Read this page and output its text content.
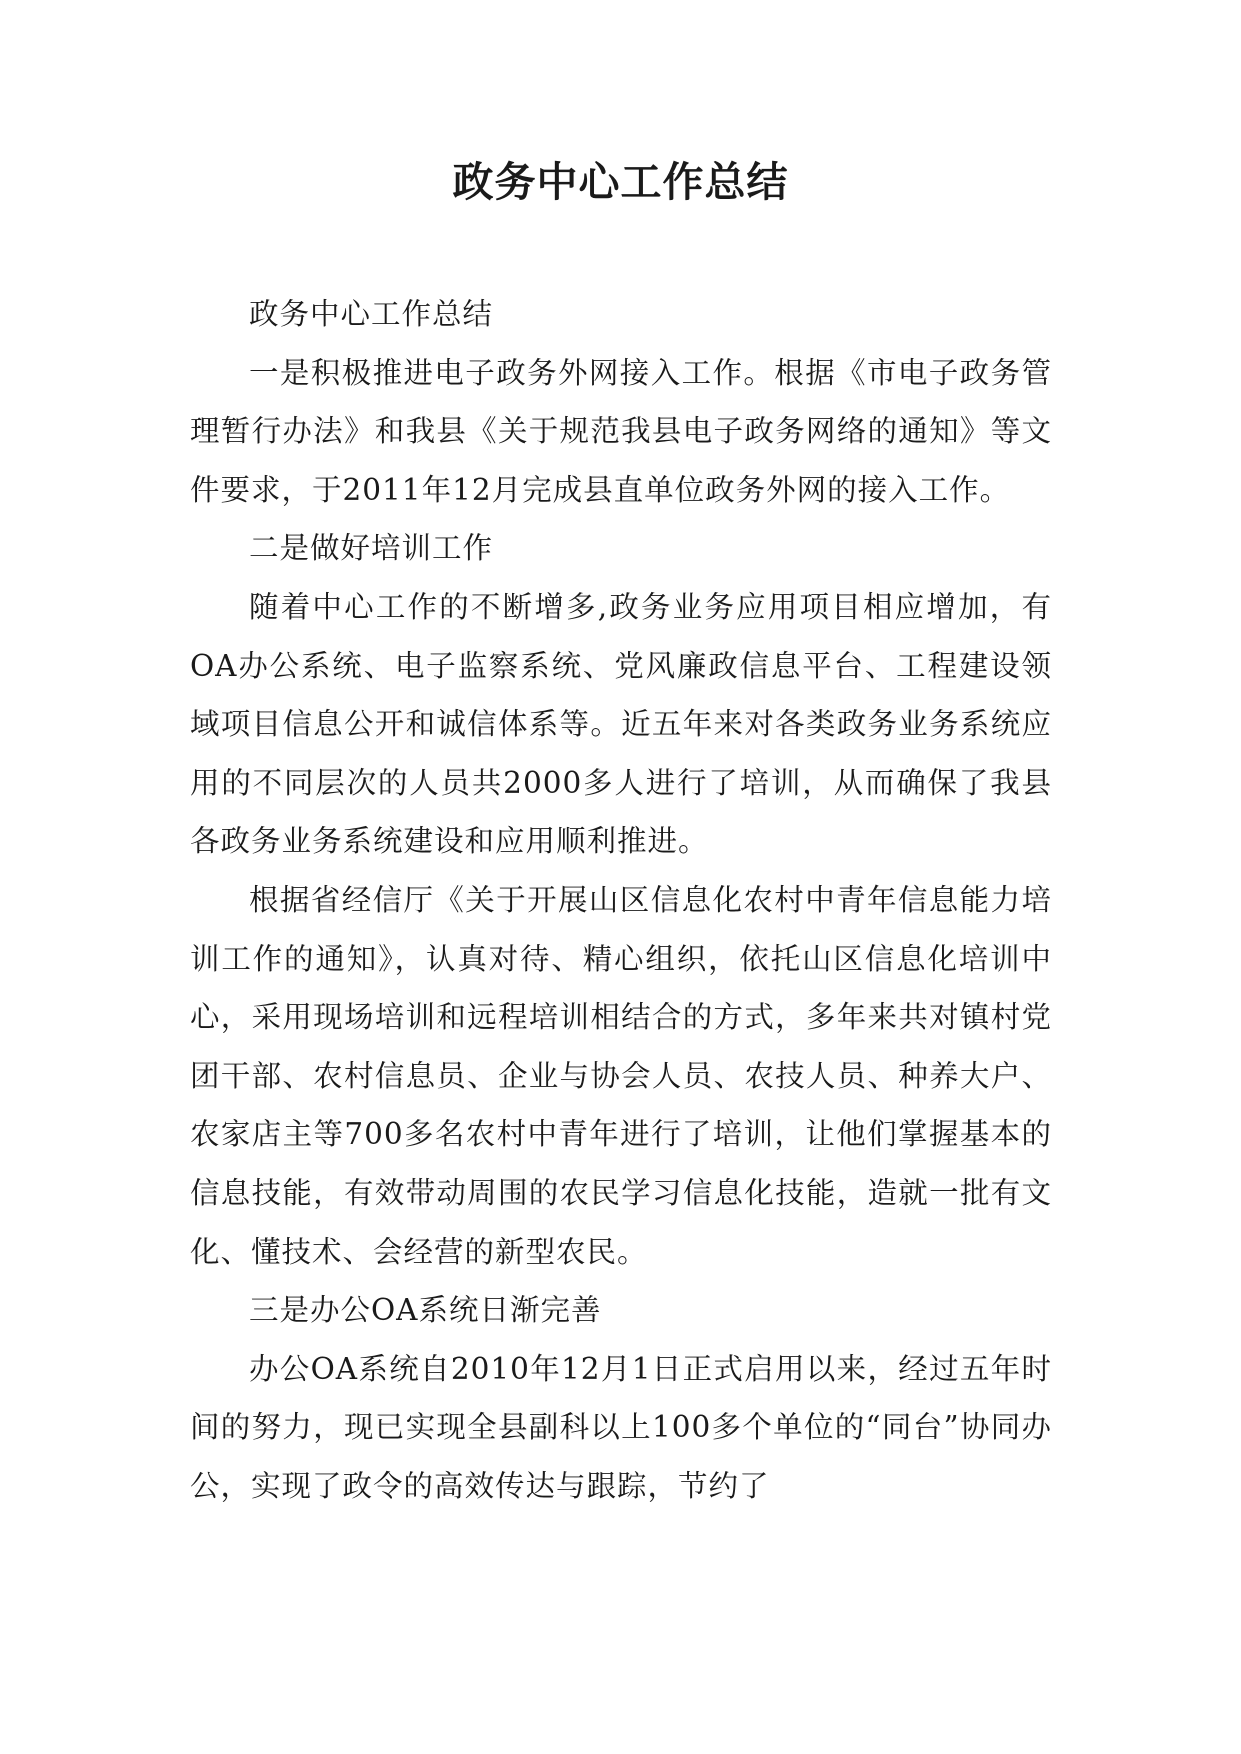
政务中心工作总结

政务中心工作总结

一是积极推进电子政务外网接入工作。根据《市电子政务管理暂行办法》和我县《关于规范我县电子政务网络的通知》等文件要求，于2011年12月完成县直单位政务外网的接入工作。

二是做好培训工作

随着中心工作的不断增多,政务业务应用项目相应增加，有OA办公系统、电子监察系统、党风廉政信息平台、工程建设领域项目信息公开和诚信体系等。近五年来对各类政务业务系统应用的不同层次的人员共2000多人进行了培训，从而确保了我县各政务业务系统建设和应用顺利推进。

根据省经信厅《关于开展山区信息化农村中青年信息能力培训工作的通知》，认真对待、精心组织，依托山区信息化培训中心，采用现场培训和远程培训相结合的方式，多年来共对镇村党团干部、农村信息员、企业与协会人员、农技人员、种养大户、农家店主等700多名农村中青年进行了培训，让他们掌握基本的信息技能，有效带动周围的农民学习信息化技能，造就一批有文化、懂技术、会经营的新型农民。

三是办公OA系统日渐完善

办公OA系统自2010年12月1日正式启用以来，经过五年时间的努力，现已实现全县副科以上100多个单位的“同台”协同办公，实现了政令的高效传达与跟踪，节约了
